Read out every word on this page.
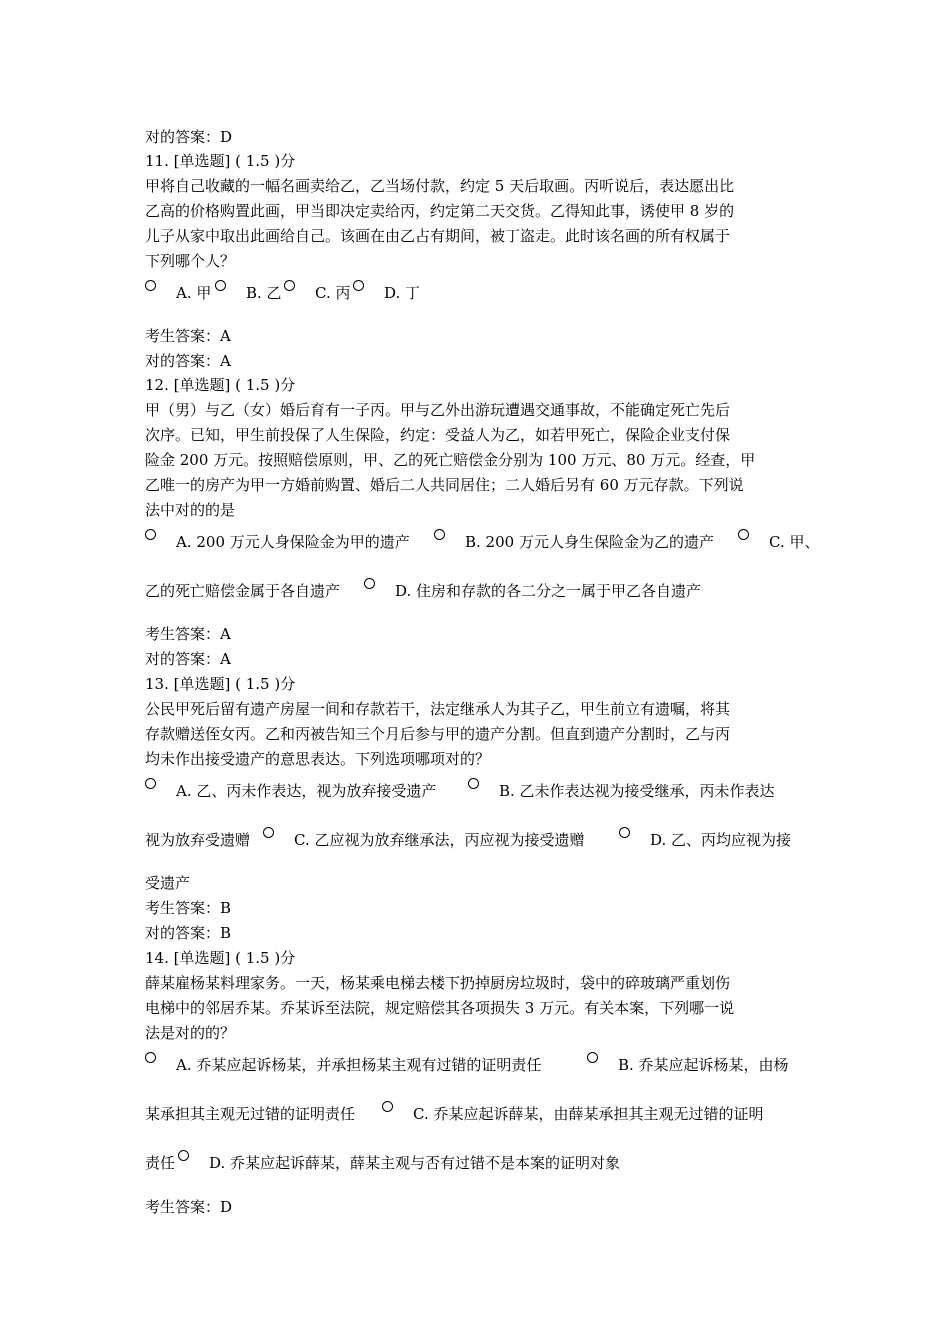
对的答案：D
11. [单选题] ( 1.5 )分
甲将自己收藏的一幅名画卖给乙，乙当场付款，约定 5 天后取画。丙听说后，表达愿出比
乙高的价格购置此画，甲当即决定卖给丙，约定第二天交货。乙得知此事，诱使甲 8 岁的
儿子从家中取出此画给自己。该画在由乙占有期间，被丁盗走。此时该名画的所有权属于
下列哪个人？
A. 甲 B. 乙 C. 丙 D. 丁
考生答案：A
对的答案：A
12. [单选题] ( 1.5 )分
甲（男）与乙（女）婚后育有一子丙。甲与乙外出游玩遭遇交通事故，不能确定死亡先后
次序。已知，甲生前投保了人生保险，约定：受益人为乙，如若甲死亡，保险企业支付保
险金 200 万元。按照赔偿原则，甲、乙的死亡赔偿金分别为 100 万元、80 万元。经查，甲
乙唯一的房产为甲一方婚前购置、婚后二人共同居住；二人婚后另有 60 万元存款。下列说
法中对的的是
A. 200 万元人身保险金为甲的遗产	B. 200 万元人身生保险金为乙的遗产	C. 甲、
乙的死亡赔偿金属于各自遗产	D. 住房和存款的各二分之一属于甲乙各自遗产
考生答案：A
对的答案：A
13. [单选题] ( 1.5 )分
公民甲死后留有遗产房屋一间和存款若干，法定继承人为其子乙，甲生前立有遗嘱，将其
存款赠送侄女丙。乙和丙被告知三个月后参与甲的遗产分割。但直到遗产分割时，乙与丙
均未作出接受遗产的意思表达。下列选项哪项对的？
A. 乙、丙未作表达，视为放弃接受遗产	B. 乙未作表达视为接受继承，丙未作表达
视为放弃受遗赠	C. 乙应视为放弃继承法，丙应视为接受遗赠	D. 乙、丙均应视为接
受遗产
考生答案：B
对的答案：B
14. [单选题] ( 1.5 )分
薛某雇杨某料理家务。一天，杨某乘电梯去楼下扔掉厨房垃圾时，袋中的碎玻璃严重划伤
电梯中的邻居乔某。乔某诉至法院，规定赔偿其各项损失 3 万元。有关本案，下列哪一说
法是对的的？
A. 乔某应起诉杨某，并承担杨某主观有过错的证明责任	B. 乔某应起诉杨某，由杨
某承担其主观无过错的证明责任	C. 乔某应起诉薛某，由薛某承担其主观无过错的证明
责任 D. 乔某应起诉薛某，薛某主观与否有过错不是本案的证明对象
考生答案：D
